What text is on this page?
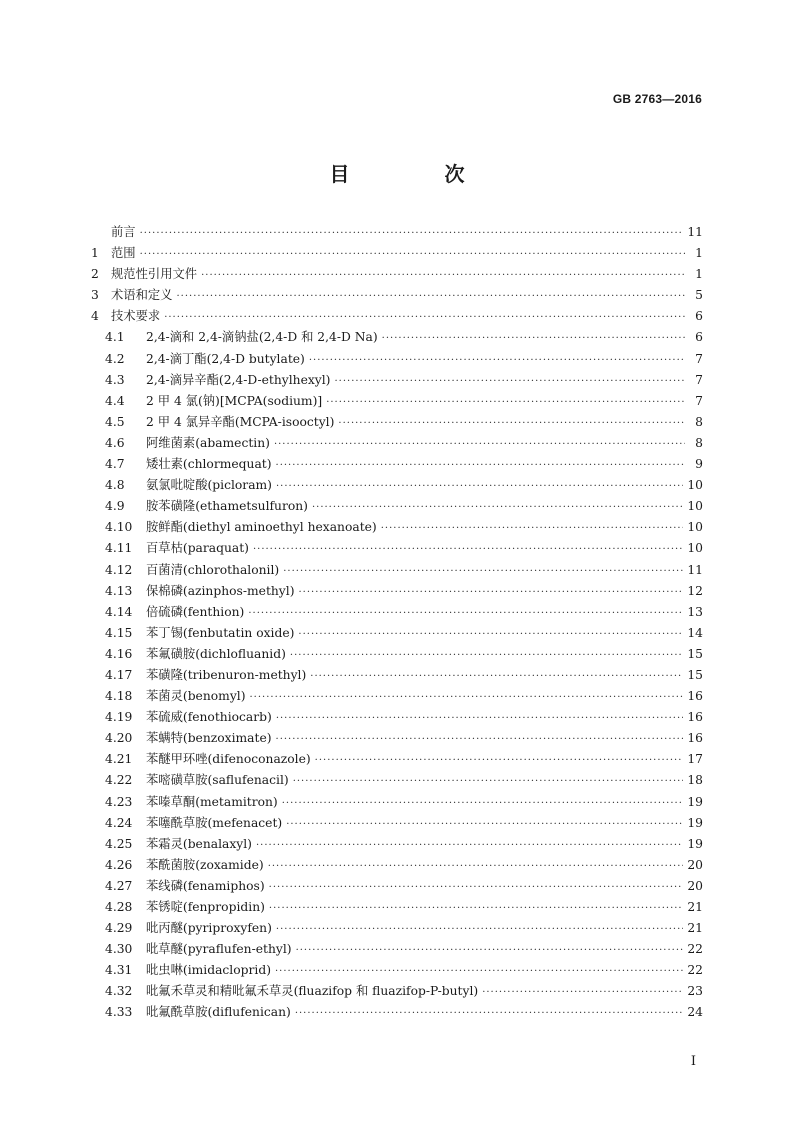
GB 2763—2016
目 次
前言 ·····	11
1 范围 ·····	1
2 规范性引用文件 ·····	1
3 术语和定义 ·····	5
4 技术要求 ·····	6
4.1	2,4-滴和 2,4-滴钠盐(2,4-D 和 2,4-D Na) ·····	6
4.2	2,4-滴丁酯(2,4-D butylate) ·····	7
4.3	2,4-滴异辛酯(2,4-D-ethylhexyl) ·····	7
4.4	2 甲 4 氯(钠)[MCPA(sodium)] ·····	7
4.5	2 甲 4 氯异辛酯(MCPA-isooctyl) ·····	8
4.6	阿维菌素(abamectin) ·····	8
4.7	矮壮素(chlormequat) ·····	9
4.8	氨氯吡啶酸(picloram) ·····	10
4.9	胺苯磺隆(ethametsulfuron) ·····	10
4.10	胺鲜酯(diethyl aminoethyl hexanoate) ·····	10
4.11	百草枯(paraquat) ·····	10
4.12	百菌清(chlorothalonil) ·····	11
4.13	保棉磷(azinphos-methyl) ·····	12
4.14	倍硫磷(fenthion) ·····	13
4.15	苯丁锡(fenbutatin oxide) ·····	14
4.16	苯氟磺胺(dichlofluanid) ·····	15
4.17	苯磺隆(tribenuron-methyl) ·····	15
4.18	苯菌灵(benomyl) ·····	16
4.19	苯硫威(fenothiocarb) ·····	16
4.20	苯螨特(benzoximate) ·····	16
4.21	苯醚甲环唑(difenoconazole) ·····	17
4.22	苯嘧磺草胺(saflufenacil) ·····	18
4.23	苯嗪草酮(metamitron) ·····	19
4.24	苯噻酰草胺(mefenacet) ·····	19
4.25	苯霜灵(benalaxyl) ·····	19
4.26	苯酰菌胺(zoxamide) ·····	20
4.27	苯线磷(fenamiphos) ·····	20
4.28	苯锈啶(fenpropidin) ·····	21
4.29	吡丙醚(pyriproxyfen) ·····	21
4.30	吡草醚(pyraflufen-ethyl) ·····	22
4.31	吡虫啉(imidacloprid) ·····	22
4.32	吡氟禾草灵和精吡氟禾草灵(fluazifop 和 fluazifop-P-butyl) ·····	23
4.33	吡氟酰草胺(diflufenican) ·····	24
I
